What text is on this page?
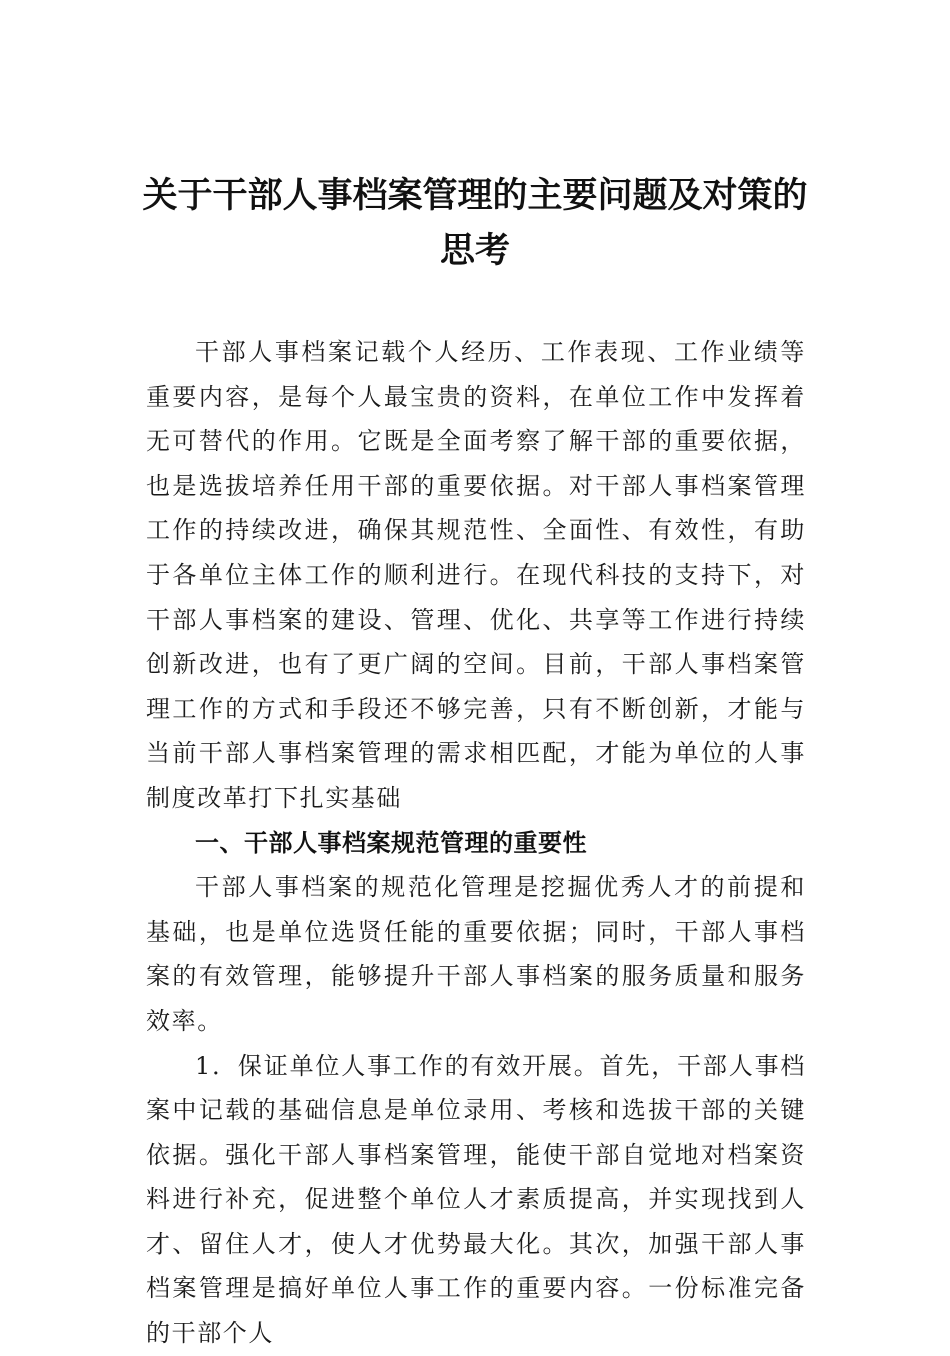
关于干部人事档案管理的主要问题及对策的思考

干部人事档案记载个人经历、工作表现、工作业绩等重要内容，是每个人最宝贵的资料，在单位工作中发挥着无可替代的作用。它既是全面考察了解干部的重要依据，也是选拔培养任用干部的重要依据。对干部人事档案管理工作的持续改进，确保其规范性、全面性、有效性，有助于各单位主体工作的顺利进行。在现代科技的支持下，对干部人事档案的建设、管理、优化、共享等工作进行持续创新改进，也有了更广阔的空间。目前，干部人事档案管理工作的方式和手段还不够完善，只有不断创新，才能与当前干部人事档案管理的需求相匹配，才能为单位的人事制度改革打下扎实基础

一、干部人事档案规范管理的重要性

干部人事档案的规范化管理是挖掘优秀人才的前提和基础，也是单位选贤任能的重要依据；同时，干部人事档案的有效管理，能够提升干部人事档案的服务质量和服务效率。

1．保证单位人事工作的有效开展。首先，干部人事档案中记载的基础信息是单位录用、考核和选拔干部的关键依据。强化干部人事档案管理，能使干部自觉地对档案资料进行补充，促进整个单位人才素质提高，并实现找到人才、留住人才，使人才优势最大化。其次，加强干部人事档案管理是搞好单位人事工作的重要内容。一份标准完备的干部个人
